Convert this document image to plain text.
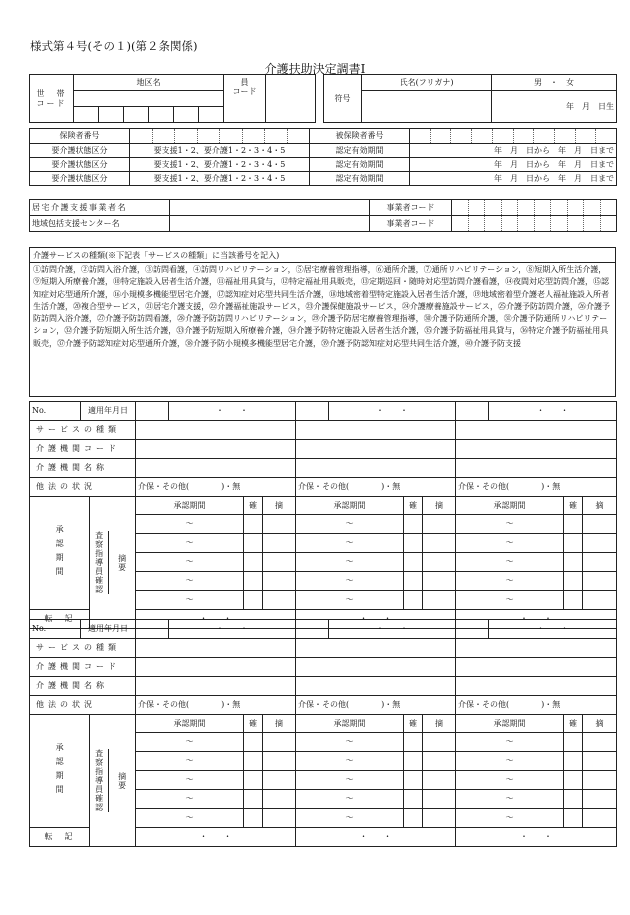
様式第４号(その１)(第２条関係)
介護扶助決定調書Ⅰ
世　帯
コード	地区名						員
コード			符号	氏名(フリガナ)	男　・　女
												年　月　日生

保険者番号		被保険者番号	

要介護状態区分	要支援1・2、要介護1・2・3・4・5	認定有効期間	年　月　日から　年　月　日まで
要介護状態区分	要支援1・2、要介護1・2・3・4・5	認定有効期間	年　月　日から　年　月　日まで
要介護状態区分	要支援1・2、要介護1・2・3・4・5	認定有効期間	年　月　日から　年　月　日まで
居宅介護支援事業者名		事業者コード	

地域包括支援センター名		事業者コード	
介護サービスの種類(※下記表「サービスの種類」に当該番号を記入)
①訪問介護，②訪問入浴介護，③訪問看護，④訪問リハビリテーション，⑤居宅療養管理指導，⑥通所介護，⑦通所リハビリテーション，⑧短期入所生活介護，⑨短期入所療養介護，⑩特定施設入居者生活介護，⑪福祉用具貸与，⑫特定福祉用具販売，⑬定期巡回・随時対応型訪問介護看護，⑭夜間対応型訪問介護，⑮認知症対応型通所介護，⑯小規模多機能型居宅介護，⑰認知症対応型共同生活介護，⑱地域密着型特定施設入居者生活介護，⑲地域密着型介護老人福祉施設入所者生活介護，⑳複合型サービス，㉑居宅介護支援，㉒介護福祉施設サービス，㉓介護保健施設サービス，㉔介護療養施設サービス，㉕介護予防訪問介護，㉖介護予防訪問入浴介護，㉗介護予防訪問看護，㉘介護予防訪問リハビリテーション，㉙介護予防居宅療養管理指導，㉚介護予防通所介護，㉛介護予防通所リハビリテーション，㉜介護予防短期入所生活介護，㉝介護予防短期入所療養介護，㉞介護予防特定施設入居者生活介護，㉟介護予防福祉用具貸与，㊱特定介護予防福祉用具販売，㊲介護予防認知症対応型通所介護，㊳介護予防小規模多機能型居宅介護，㊴介護予防認知症対応型共同生活介護，㊵介護予防支援
No. 適用年月日		・　　・			・　　・			・　　・		

サービスの種類										
介護機関コード										
介護機関名称										
他法の状況		介保・その他(　　　　)・無			介保・その他(　　　　)・無			介保・その他(　　　　)・無		
承認期間	査察指導員確認 摘要	承認期間	確	摘	承認期間	確	摘	承認期間	確	摘
		〜			〜			〜		
		〜			〜			〜		
		〜			〜			〜		
		〜			〜			〜		
		〜			〜			〜		

転　記		・　　・			・　　・			・　　・		
No. 適用年月日		・　　・			・　　・			・　　・		

サービスの種類										
介護機関コード										
介護機関名称										
他法の状況		介保・その他(　　　　)・無			介保・その他(　　　　)・無			介保・その他(　　　　)・無		
承認期間	査察指導員確認 摘要	承認期間	確	摘	承認期間	確	摘	承認期間	確	摘
		〜			〜			〜		
		〜			〜			〜		
		〜			〜			〜		
		〜			〜			〜		
		〜			〜			〜		

転　記		・　　・			・　　・			・　　・		
